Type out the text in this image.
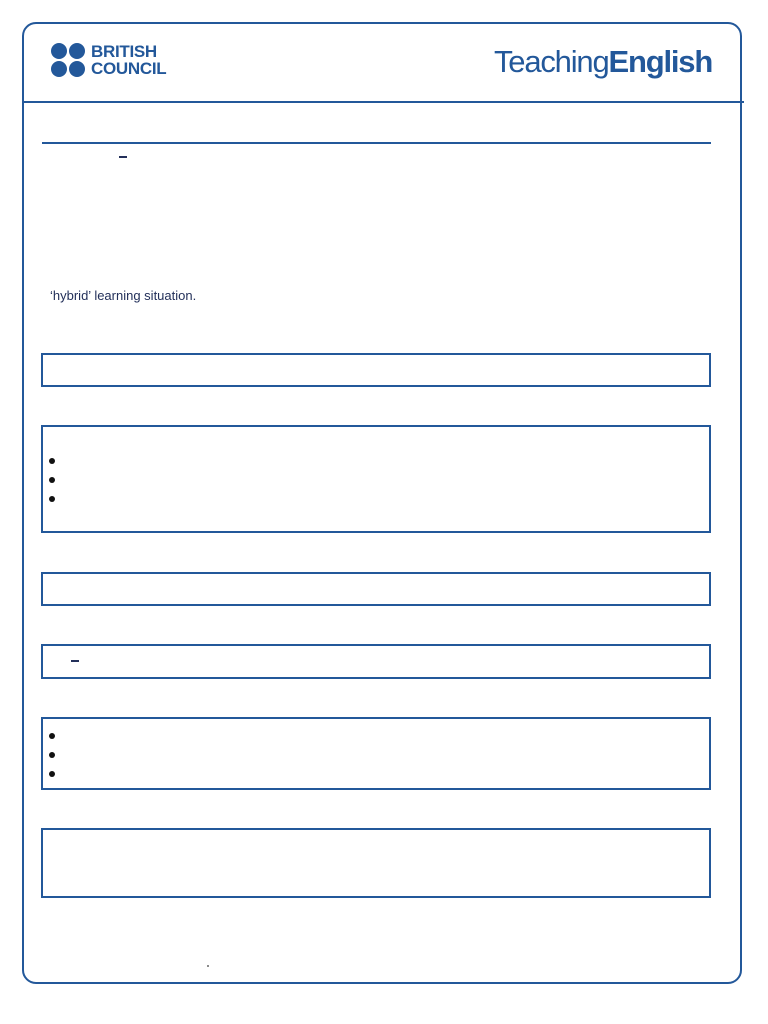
BRITISH
COUNCIL	TeachingEnglish
‘hybrid’ learning situation.
